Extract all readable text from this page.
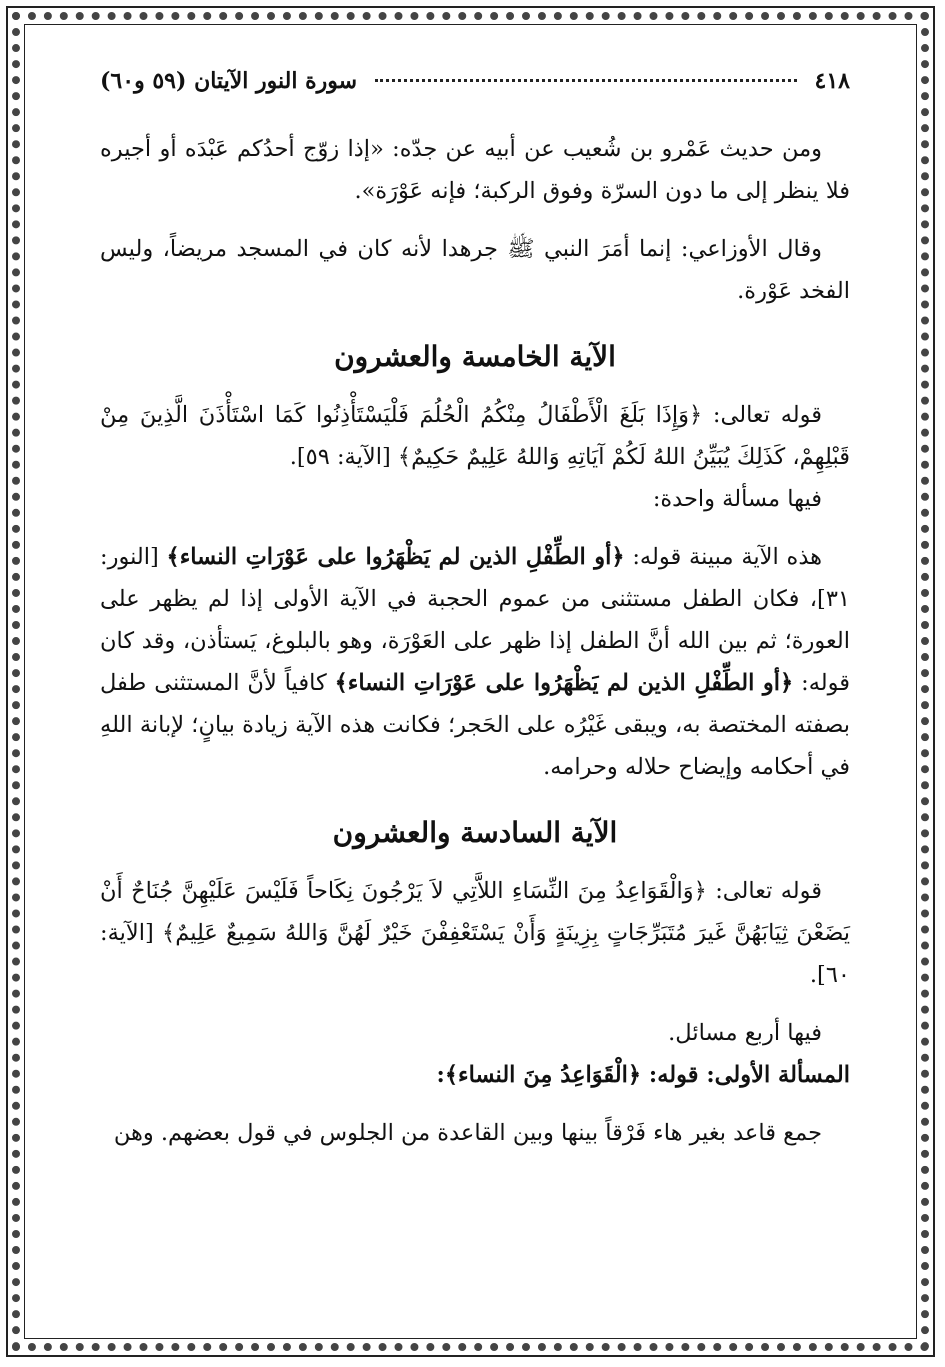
٤١٨
سورة النور الآيتان (٥٩ و٦٠)

ومن حديث عَمْرو بن شُعيب عن أبيه عن جدّه: «إذا زوّج أحدُكم عَبْدَه أو أجيره فلا ينظر إلى ما دون السرّة وفوق الركبة؛ فإنه عَوْرَة».

وقال الأوزاعي: إنما أمَرَ النبي ﷺ جرهدا لأنه كان في المسجد مريضاً، وليس الفخد عَوْرة.

الآية الخامسة والعشرون

قوله تعالى: ﴿وَإِذَا بَلَغَ الْأَطْفَالُ مِنْكُمُ الْحُلُمَ فَلْيَسْتَأْذِنُوا كَمَا اسْتَأْذَنَ الَّذِينَ مِنْ قَبْلِهِمْ، كَذَلِكَ يُبَيِّنُ اللهُ لَكُمْ آيَاتِهِ وَاللهُ عَلِيمٌ حَكِيمٌ﴾ [الآية: ٥٩].

فيها مسألة واحدة:

هذه الآية مبينة قوله: ﴿أو الطِّفْلِ الذين لم يَظْهَرُوا على عَوْرَاتِ النساء﴾ [النور: ٣١]، فكان الطفل مستثنى من عموم الحجبة في الآية الأولى إذا لم يظهر على العورة؛ ثم بين الله أنَّ الطفل إذا ظهر على العَوْرَة، وهو بالبلوغ، يَستأذن، وقد كان قوله: ﴿أو الطِّفْلِ الذين لم يَظْهَرُوا على عَوْرَاتِ النساء﴾ كافياً لأنَّ المستثنى طفل بصفته المختصة به، ويبقى غَيْرُه على الحَجر؛ فكانت هذه الآية زيادة بيانٍ؛ لإبانة اللهِ في أحكامه وإيضاح حلاله وحرامه.

الآية السادسة والعشرون

قوله تعالى: ﴿وَالْقَوَاعِدُ مِنَ النِّسَاءِ اللاَّتِي لاَ يَرْجُونَ نِكَاحاً فَلَيْسَ عَلَيْهِنَّ جُنَاحٌ أَنْ يَضَعْنَ ثِيَابَهُنَّ غَيرَ مُتَبَرِّجَاتٍ بِزِينَةٍ وَأَنْ يَسْتَعْفِفْنَ خَيْرٌ لَهُنَّ وَاللهُ سَمِيعٌ عَلِيمٌ﴾ [الآية: ٦٠].

فيها أربع مسائل.

المسألة الأولى: قوله: ﴿الْقَوَاعِدُ مِنَ النساء﴾:

جمع قاعد بغير هاء فَرْقاً بينها وبين القاعدة من الجلوس في قول بعضهم. وهن
